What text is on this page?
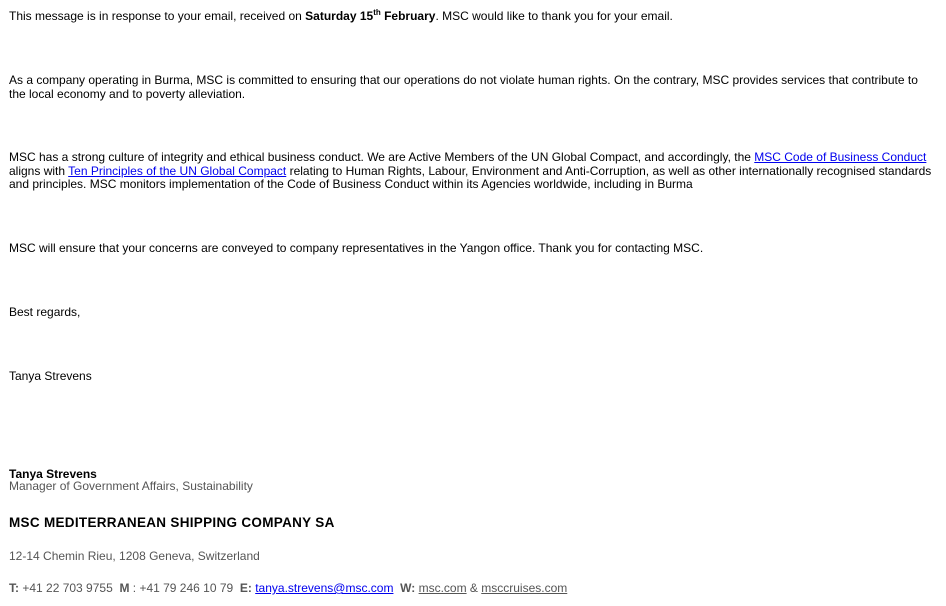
This message is in response to your email, received on Saturday 15th February. MSC would like to thank you for your email.
As a company operating in Burma, MSC is committed to ensuring that our operations do not violate human rights. On the contrary, MSC provides services that contribute to the local economy and to poverty alleviation.
MSC has a strong culture of integrity and ethical business conduct. We are Active Members of the UN Global Compact, and accordingly, the MSC Code of Business Conduct aligns with Ten Principles of the UN Global Compact relating to Human Rights, Labour, Environment and Anti-Corruption, as well as other internationally recognised standards and principles. MSC monitors implementation of the Code of Business Conduct within its Agencies worldwide, including in Burma
MSC will ensure that your concerns are conveyed to company representatives in the Yangon office. Thank you for contacting MSC.
Best regards,
Tanya Strevens
Tanya Strevens
Manager of Government Affairs, Sustainability
MSC MEDITERRANEAN SHIPPING COMPANY SA
12-14 Chemin Rieu, 1208 Geneva, Switzerland
T: +41 22 703 9755 M : +41 79 246 10 79 E: tanya.strevens@msc.com W: msc.com & msccruises.com
